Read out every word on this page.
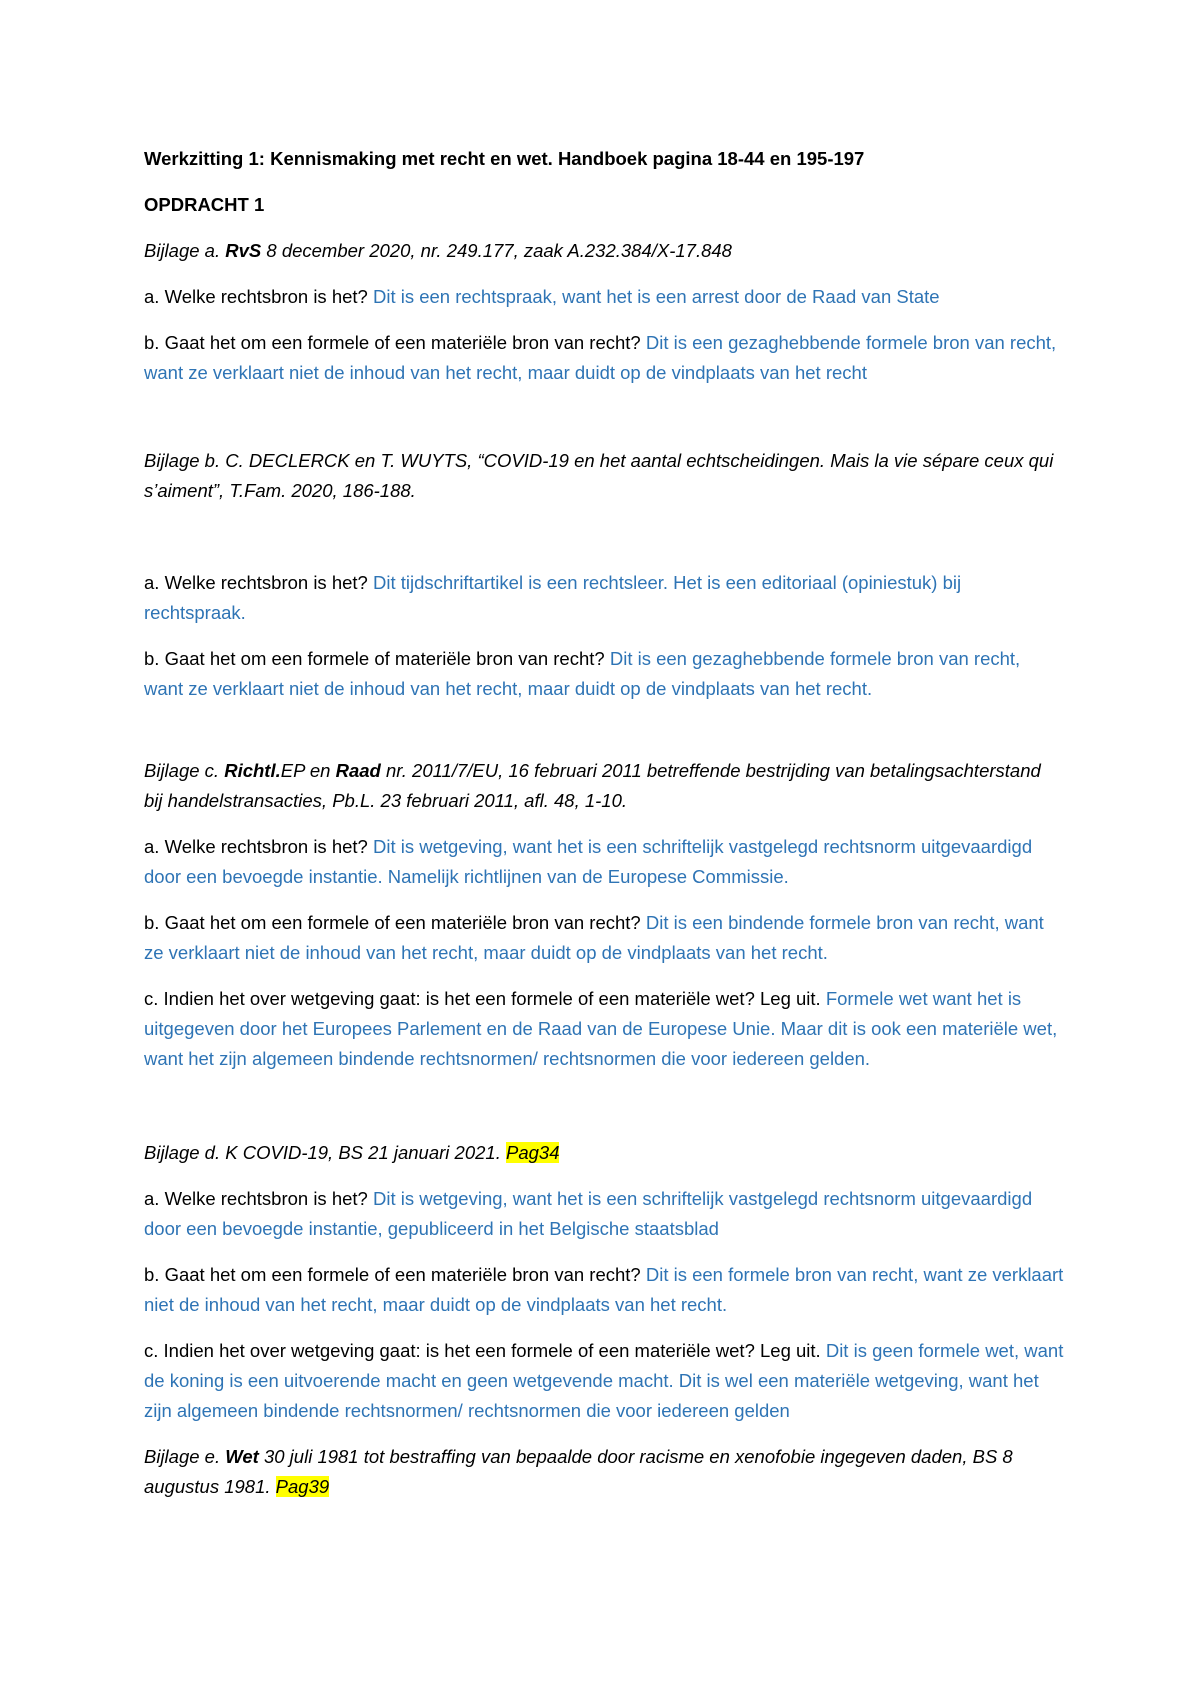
Werkzitting 1: Kennismaking met recht en wet. Handboek pagina 18-44 en 195-197

OPDRACHT 1

Bijlage a. RvS 8 december 2020, nr. 249.177, zaak A.232.384/X-17.848

a. Welke rechtsbron is het? Dit is een rechtspraak, want het is een arrest door de Raad van State

b. Gaat het om een formele of een materiële bron van recht? Dit is een gezaghebbende formele bron van recht, want ze verklaart niet de inhoud van het recht, maar duidt op de vindplaats van het recht

Bijlage b. C. DECLERCK en T. WUYTS, “COVID-19 en het aantal echtscheidingen. Mais la vie sépare ceux qui s’aiment”, T.Fam. 2020, 186-188.

a. Welke rechtsbron is het? Dit tijdschriftartikel is een rechtsleer. Het is een editoriaal (opiniestuk) bij rechtspraak.

b. Gaat het om een formele of materiële bron van recht? Dit is een gezaghebbende formele bron van recht, want ze verklaart niet de inhoud van het recht, maar duidt op de vindplaats van het recht.

Bijlage c. Richtl.EP en Raad nr. 2011/7/EU, 16 februari 2011 betreffende bestrijding van betalingsachterstand bij handelstransacties, Pb.L. 23 februari 2011, afl. 48, 1-10.

a. Welke rechtsbron is het? Dit is wetgeving, want het is een schriftelijk vastgelegd rechtsnorm uitgevaardigd door een bevoegde instantie. Namelijk richtlijnen van de Europese Commissie.

b. Gaat het om een formele of een materiële bron van recht? Dit is een bindende formele bron van recht, want ze verklaart niet de inhoud van het recht, maar duidt op de vindplaats van het recht.

c. Indien het over wetgeving gaat: is het een formele of een materiële wet? Leg uit. Formele wet want het is uitgegeven door het Europees Parlement en de Raad van de Europese Unie. Maar dit is ook een materiële wet, want het zijn algemeen bindende rechtsnormen/ rechtsnormen die voor iedereen gelden.

Bijlage d. K COVID-19, BS 21 januari 2021. Pag34

a. Welke rechtsbron is het? Dit is wetgeving, want het is een schriftelijk vastgelegd rechtsnorm uitgevaardigd door een bevoegde instantie, gepubliceerd in het Belgische staatsblad

b. Gaat het om een formele of een materiële bron van recht? Dit is een formele bron van recht, want ze verklaart niet de inhoud van het recht, maar duidt op de vindplaats van het recht.

c. Indien het over wetgeving gaat: is het een formele of een materiële wet? Leg uit. Dit is geen formele wet, want de koning is een uitvoerende macht en geen wetgevende macht. Dit is wel een materiële wetgeving, want het zijn algemeen bindende rechtsnormen/ rechtsnormen die voor iedereen gelden

Bijlage e. Wet 30 juli 1981 tot bestraffing van bepaalde door racisme en xenofobie ingegeven daden, BS 8 augustus 1981. Pag39
